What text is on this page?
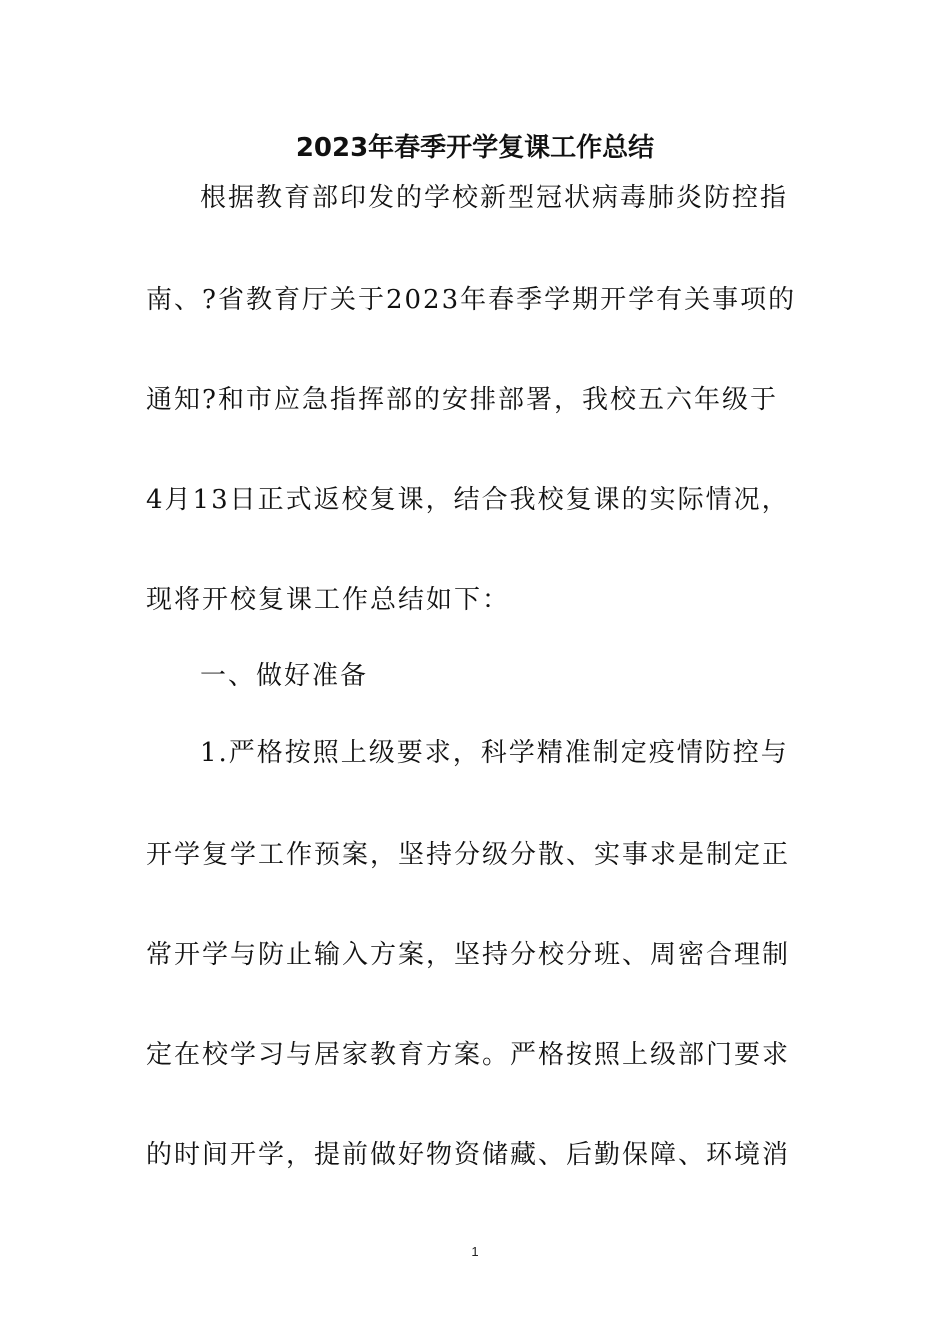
2023年春季开学复课工作总结
根据教育部印发的学校新型冠状病毒肺炎防控指
南、?省教育厅关于2023年春季学期开学有关事项的
通知?和市应急指挥部的安排部署，我校五六年级于
4月13日正式返校复课，结合我校复课的实际情况，
现将开校复课工作总结如下：
一、做好准备
1.严格按照上级要求，科学精准制定疫情防控与
开学复学工作预案，坚持分级分散、实事求是制定正
常开学与防止输入方案，坚持分校分班、周密合理制
定在校学习与居家教育方案。严格按照上级部门要求
的时间开学，提前做好物资储藏、后勤保障、环境消
1
